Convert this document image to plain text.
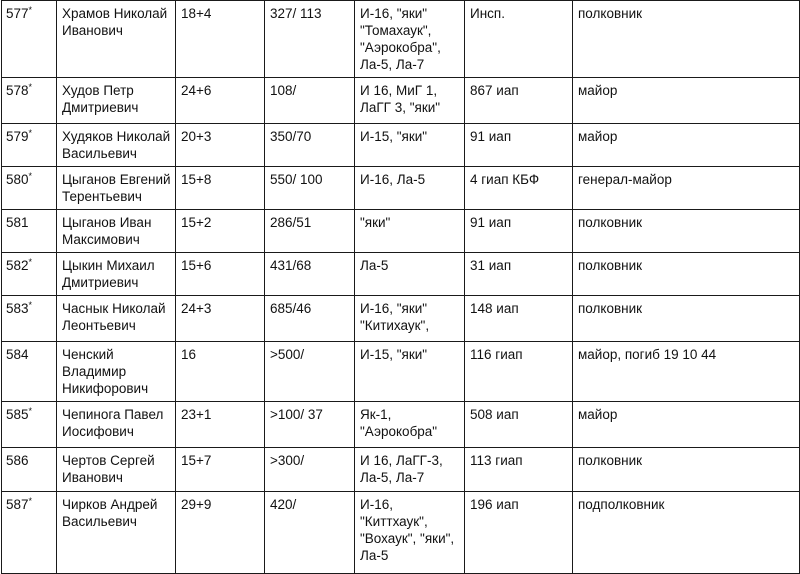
577*	Храмов Николай Иванович	18+4	327/ 113	И-16, "яки" "Томахаук", "Аэрокобра", Ла-5, Ла-7	Инсп.	полковник
578*	Худов Петр Дмитриевич	24+6	108/	И 16, МиГ 1, ЛаГГ 3, "яки"	867 иап	майор
579*	Худяков Николай Васильевич	20+3	350/70	И-15, "яки"	91 иап	майор
580*	Цыганов Евгений Терентьевич	15+8	550/ 100	И-16, Ла-5	4 гиап КБФ	генерал-майор
581	Цыганов Иван Максимович	15+2	286/51	"яки"	91 иап	полковник
582*	Цыкин Михаил Дмитриевич	15+6	431/68	Ла-5	31 иап	полковник
583*	Часнык Николай Леонтьевич	24+3	685/46	И-16, "яки" "Китихаук",	148 иап	полковник
584	Ченский Владимир Никифорович	16	>500/	И-15, "яки"	116 гиап	майор, погиб 19 10 44
585*	Чепинога Павел Иосифович	23+1	>100/ 37	Як-1, "Аэрокобра"	508 иап	майор
586	Чертов Сергей Иванович	15+7	>300/	И 16, ЛаГГ-3, Ла-5, Ла-7	113 гиап	полковник
587*	Чирков Андрей Васильевич	29+9	420/	И-16, "Киттхаук", "Вохаук", "яки", Ла-5	196 иап	подполковник
